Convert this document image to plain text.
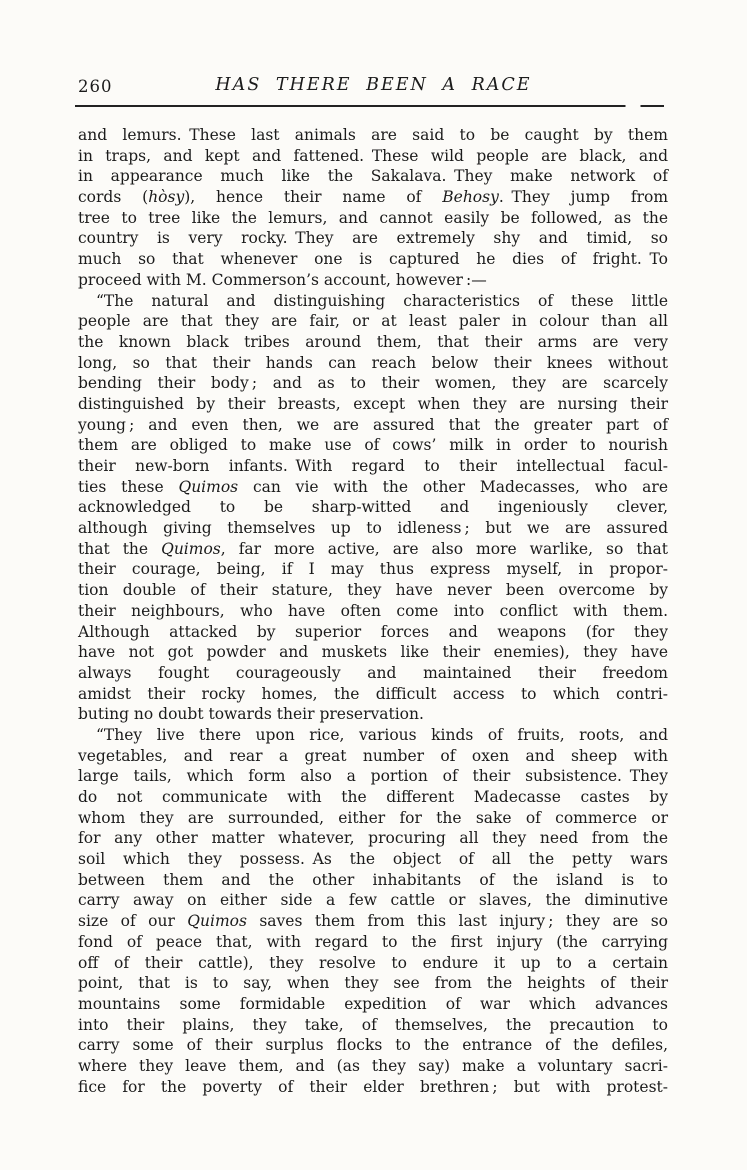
260	HAS THERE BEEN A RACE
and lemurs. These last animals are said to be caught by them
in traps, and kept and fattened. These wild people are black, and
in appearance much like the Sakalava. They make network of
cords (hòsy), hence their name of Behosy. They jump from
tree to tree like the lemurs, and cannot easily be followed, as the
country is very rocky. They are extremely shy and timid, so
much so that whenever one is captured he dies of fright. To
proceed with M. Commerson’s account, however :—
“The natural and distinguishing characteristics of these little
people are that they are fair, or at least paler in colour than all
the known black tribes around them, that their arms are very
long, so that their hands can reach below their knees without
bending their body ; and as to their women, they are scarcely
distinguished by their breasts, except when they are nursing their
young ; and even then, we are assured that the greater part of
them are obliged to make use of cows’ milk in order to nourish
their new-born infants. With regard to their intellectual facul-
ties these Quimos can vie with the other Madecasses, who are
acknowledged to be sharp-witted and ingeniously clever,
although giving themselves up to idleness ; but we are assured
that the Quimos, far more active, are also more warlike, so that
their courage, being, if I may thus express myself, in propor-
tion double of their stature, they have never been overcome by
their neighbours, who have often come into conflict with them.
Although attacked by superior forces and weapons (for they
have not got powder and muskets like their enemies), they have
always fought courageously and maintained their freedom
amidst their rocky homes, the difficult access to which contri-
buting no doubt towards their preservation.
“They live there upon rice, various kinds of fruits, roots, and
vegetables, and rear a great number of oxen and sheep with
large tails, which form also a portion of their subsistence. They
do not communicate with the different Madecasse castes by
whom they are surrounded, either for the sake of commerce or
for any other matter whatever, procuring all they need from the
soil which they possess. As the object of all the petty wars
between them and the other inhabitants of the island is to
carry away on either side a few cattle or slaves, the diminutive
size of our Quimos saves them from this last injury ; they are so
fond of peace that, with regard to the first injury (the carrying
off of their cattle), they resolve to endure it up to a certain
point, that is to say, when they see from the heights of their
mountains some formidable expedition of war which advances
into their plains, they take, of themselves, the precaution to
carry some of their surplus flocks to the entrance of the defiles,
where they leave them, and (as they say) make a voluntary sacri-
fice for the poverty of their elder brethren ; but with protest-
